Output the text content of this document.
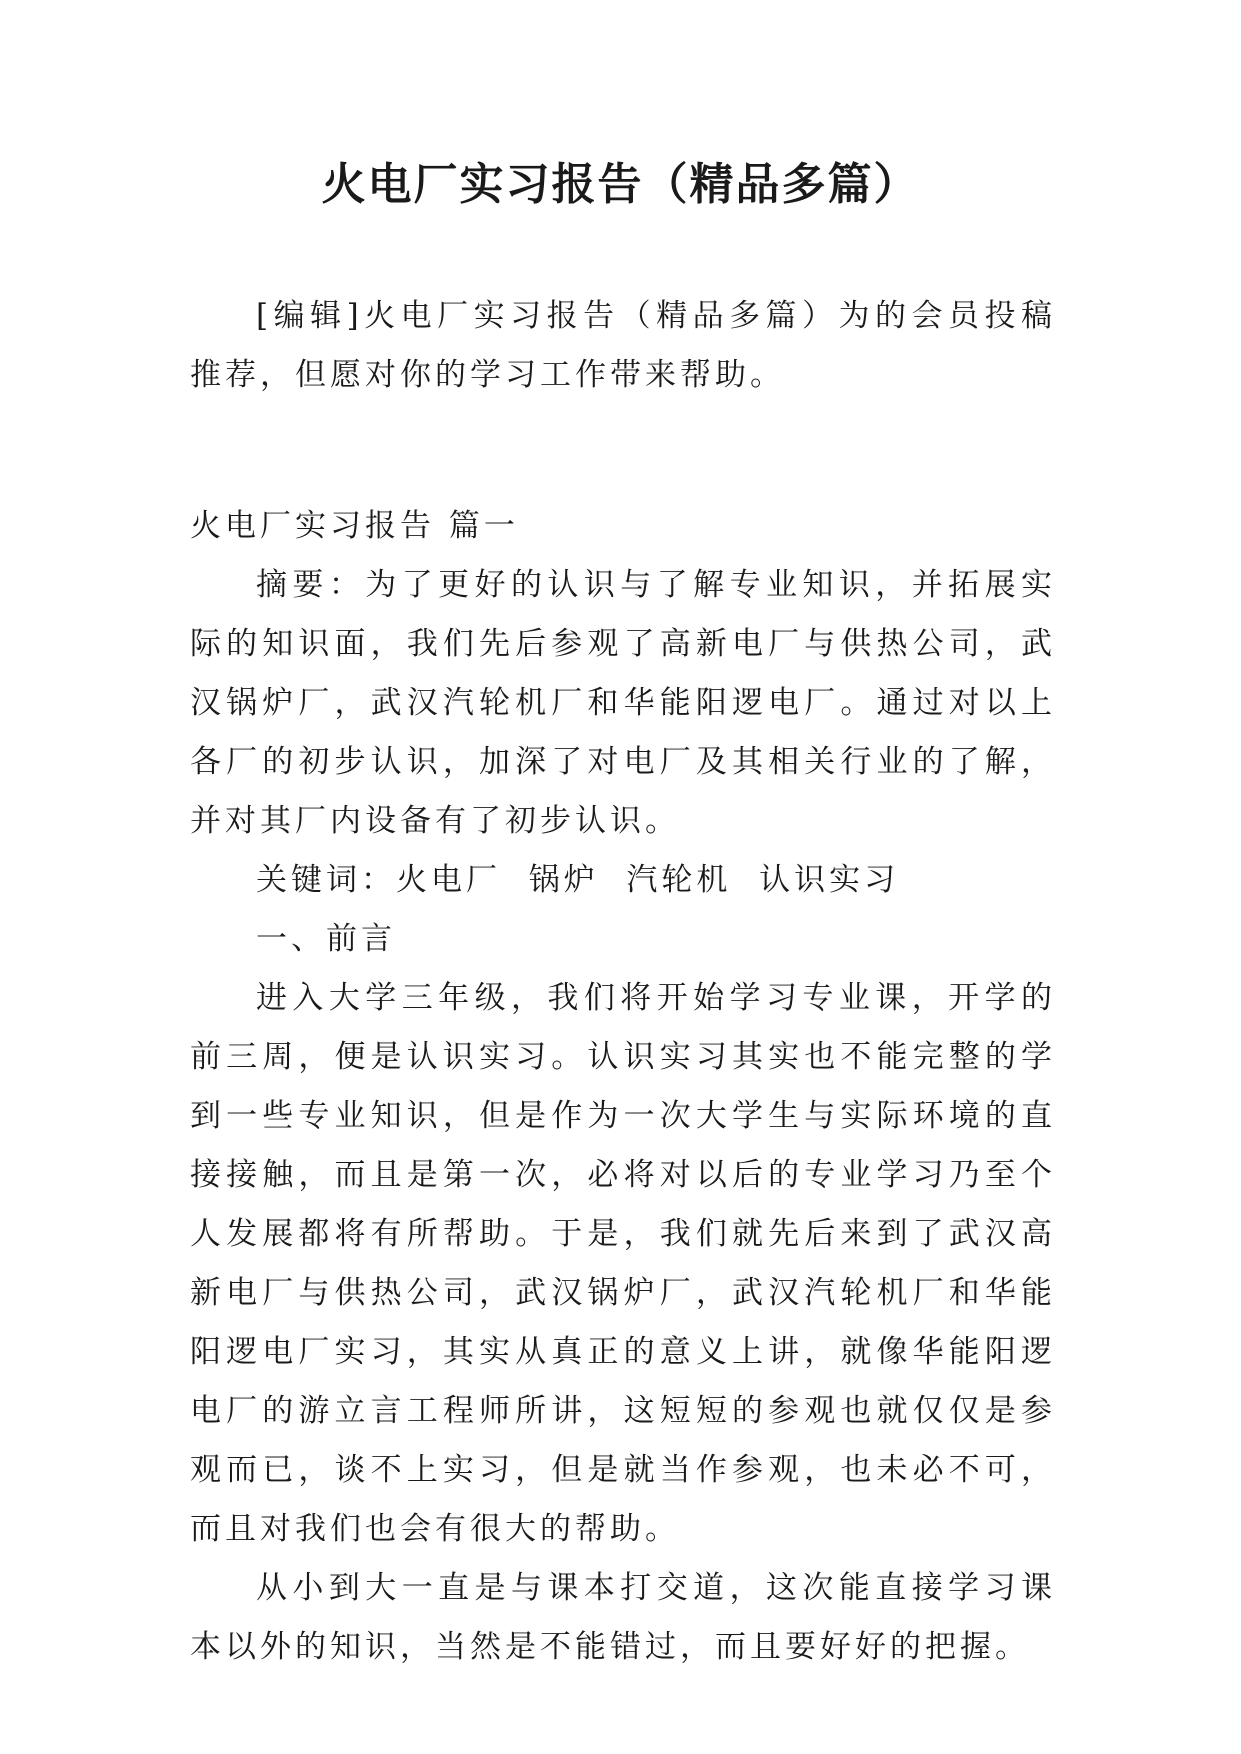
火电厂实习报告（精品多篇）

[编辑]火电厂实习报告（精品多篇）为的会员投稿推荐，但愿对你的学习工作带来帮助。

火电厂实习报告 篇一

摘要：为了更好的认识与了解专业知识，并拓展实际的知识面，我们先后参观了高新电厂与供热公司，武汉锅炉厂，武汉汽轮机厂和华能阳逻电厂。通过对以上各厂的初步认识，加深了对电厂及其相关行业的了解，并对其厂内设备有了初步认识。

关键词：火电厂  锅炉  汽轮机  认识实习

一、前言

进入大学三年级，我们将开始学习专业课，开学的前三周，便是认识实习。认识实习其实也不能完整的学到一些专业知识，但是作为一次大学生与实际环境的直接接触，而且是第一次，必将对以后的专业学习乃至个人发展都将有所帮助。于是，我们就先后来到了武汉高新电厂与供热公司，武汉锅炉厂，武汉汽轮机厂和华能阳逻电厂实习，其实从真正的意义上讲，就像华能阳逻电厂的游立言工程师所讲，这短短的参观也就仅仅是参观而已，谈不上实习，但是就当作参观，也未必不可，而且对我们也会有很大的帮助。

从小到大一直是与课本打交道，这次能直接学习课本以外的知识，当然是不能错过，而且要好好的把握。
